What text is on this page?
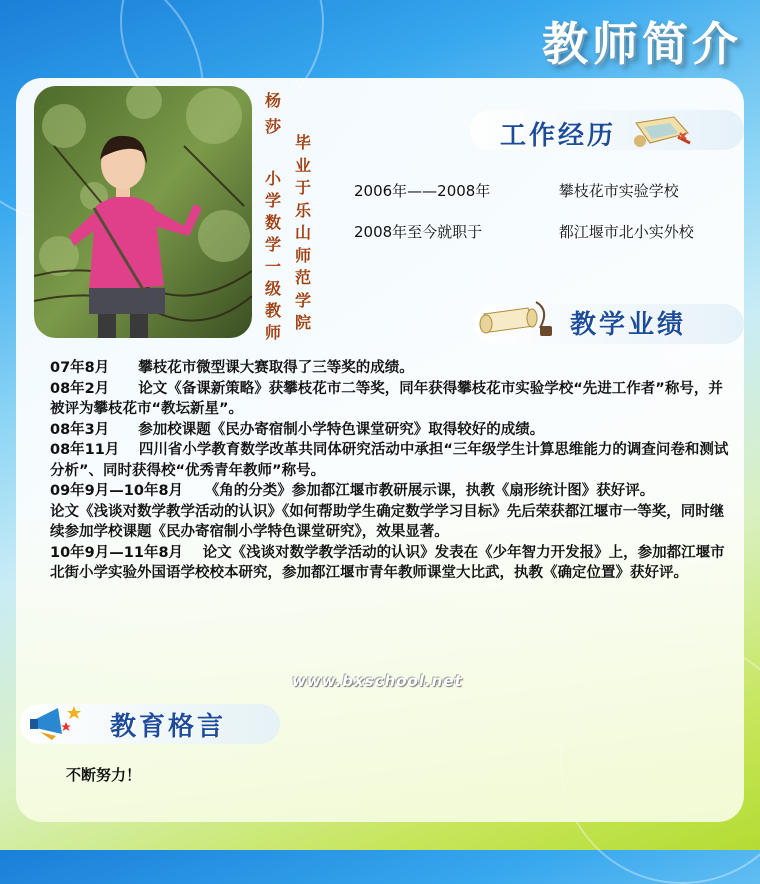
教师简介
杨莎
小学数学一级教师
毕业于乐山师范学院
工作经历
2006年——2008年	攀枝花市实验学校
2008年至今就职于	都江堰市北小实外校
教学业绩

07年8月　　攀枝花市微型课大赛取得了三等奖的成绩。

08年2月　　论文《备课新策略》获攀枝花市二等奖，同年获得攀枝花市实验学校“先进工作者”称号，并被评为攀枝花市“教坛新星”。

08年3月　　参加校课题《民办寄宿制小学特色课堂研究》取得较好的成绩。

08年11月　 四川省小学教育数学改革共同体研究活动中承担“三年级学生计算思维能力的调查问卷和测试分析”、同时获得校“优秀青年教师”称号。

09年9月—10年8月　　《角的分类》参加都江堰市教研展示课，执教《扇形统计图》获好评。

论文《浅谈对数学教学活动的认识》《如何帮助学生确定数学学习目标》先后荣获都江堰市一等奖，同时继续参加学校课题《民办寄宿制小学特色课堂研究》，效果显著。

10年9月—11年8月　 论文《浅谈对数学教学活动的认识》发表在《少年智力开发报》上，参加都江堰市北街小学实验外国语学校校本研究，参加都江堰市青年教师课堂大比武，执教《确定位置》获好评。

www.bxschool.net
教育格言
不断努力！
